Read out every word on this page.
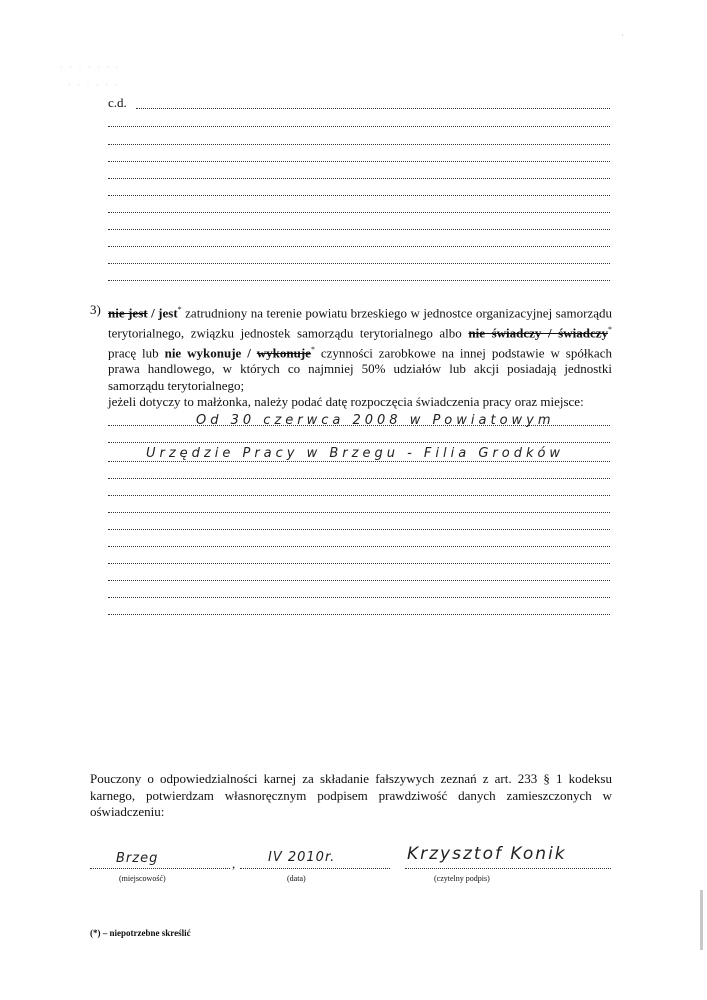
·
· · · · · · ·
· · · · · ·
c.d.
3) nie jest / jest* zatrudniony na terenie powiatu brzeskiego w jednostce organizacyjnej samorządu terytorialnego, związku jednostek samorządu terytorialnego albo nie świadczy / świadczy* pracę lub nie wykonuje / wykonuje* czynności zarobkowe na innej podstawie w spółkach prawa handlowego, w których co najmniej 50% udziałów lub akcji posiadają jednostki samorządu terytorialnego;
jeżeli dotyczy to małżonka, należy podać datę rozpoczęcia świadczenia pracy oraz miejsce:
Od 30 czerwca 2008 w Powiatowym
Urzędzie Pracy w Brzegu - Filia Grodków
Pouczony o odpowiedzialności karnej za składanie fałszywych zeznań z art. 233 § 1 kodeksu karnego, potwierdzam własnoręcznym podpisem prawdziwość danych zamieszczonych w oświadczeniu:
Brzeg	,
(miejscowość)
IV 2010r.
(data)
Krzysztof Konik
(czytelny podpis)
(*) – niepotrzebne skreślić
